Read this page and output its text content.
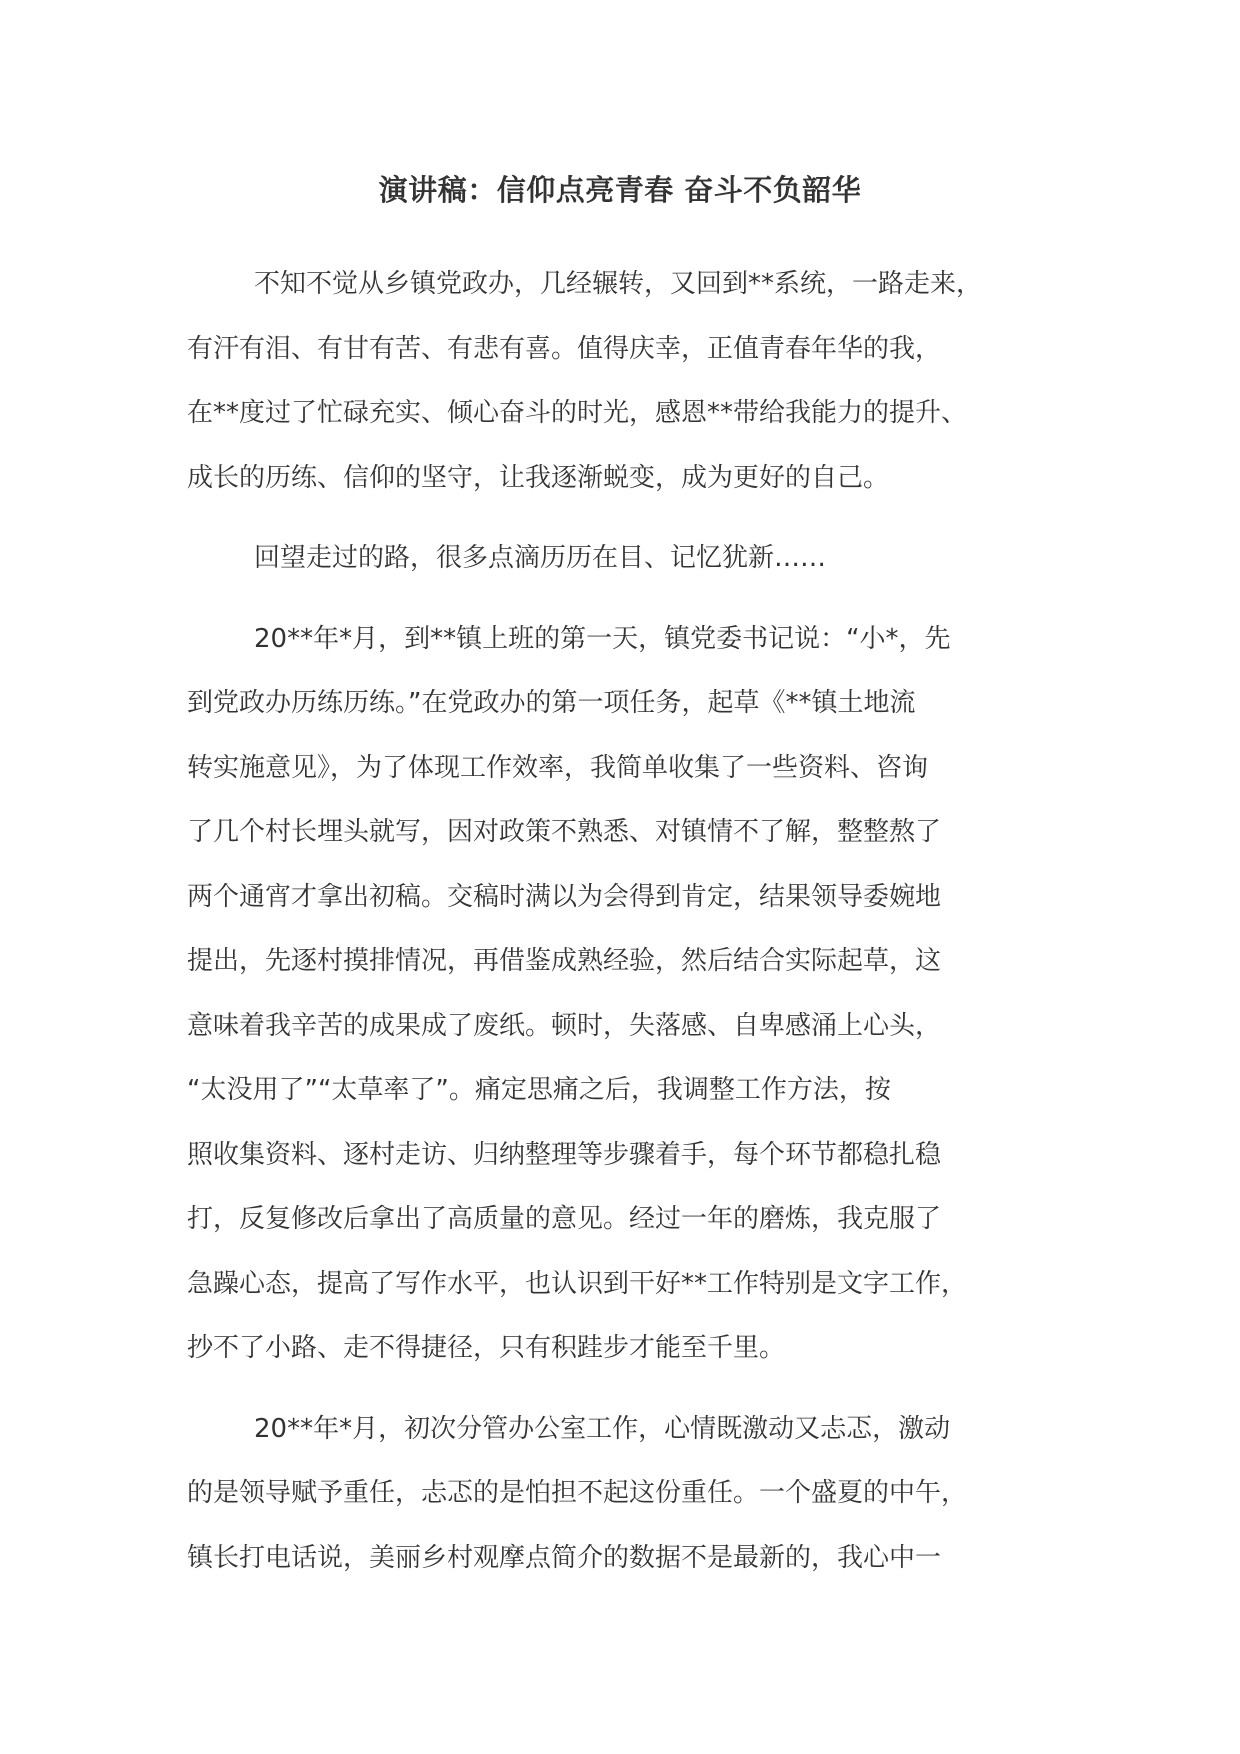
演讲稿：信仰点亮青春 奋斗不负韶华

不知不觉从乡镇党政办，几经辗转，又回到**系统，一路走来，
有汗有泪、有甘有苦、有悲有喜。值得庆幸，正值青春年华的我，
在**度过了忙碌充实、倾心奋斗的时光，感恩**带给我能力的提升、
成长的历练、信仰的坚守，让我逐渐蜕变，成为更好的自己。

回望走过的路，很多点滴历历在目、记忆犹新……

20**年*月，到**镇上班的第一天，镇党委书记说：“小*，先
到党政办历练历练。”在党政办的第一项任务，起草《**镇土地流
转实施意见》，为了体现工作效率，我简单收集了一些资料、咨询
了几个村长埋头就写，因对政策不熟悉、对镇情不了解，整整熬了
两个通宵才拿出初稿。交稿时满以为会得到肯定，结果领导委婉地
提出，先逐村摸排情况，再借鉴成熟经验，然后结合实际起草，这
意味着我辛苦的成果成了废纸。顿时，失落感、自卑感涌上心头，
“太没用了”“太草率了”。痛定思痛之后，我调整工作方法，按
照收集资料、逐村走访、归纳整理等步骤着手，每个环节都稳扎稳
打，反复修改后拿出了高质量的意见。经过一年的磨炼，我克服了
急躁心态，提高了写作水平，也认识到干好**工作特别是文字工作，
抄不了小路、走不得捷径，只有积跬步才能至千里。

20**年*月，初次分管办公室工作，心情既激动又忐忑，激动
的是领导赋予重任，忐忑的是怕担不起这份重任。一个盛夏的中午，
镇长打电话说，美丽乡村观摩点简介的数据不是最新的，我心中一
